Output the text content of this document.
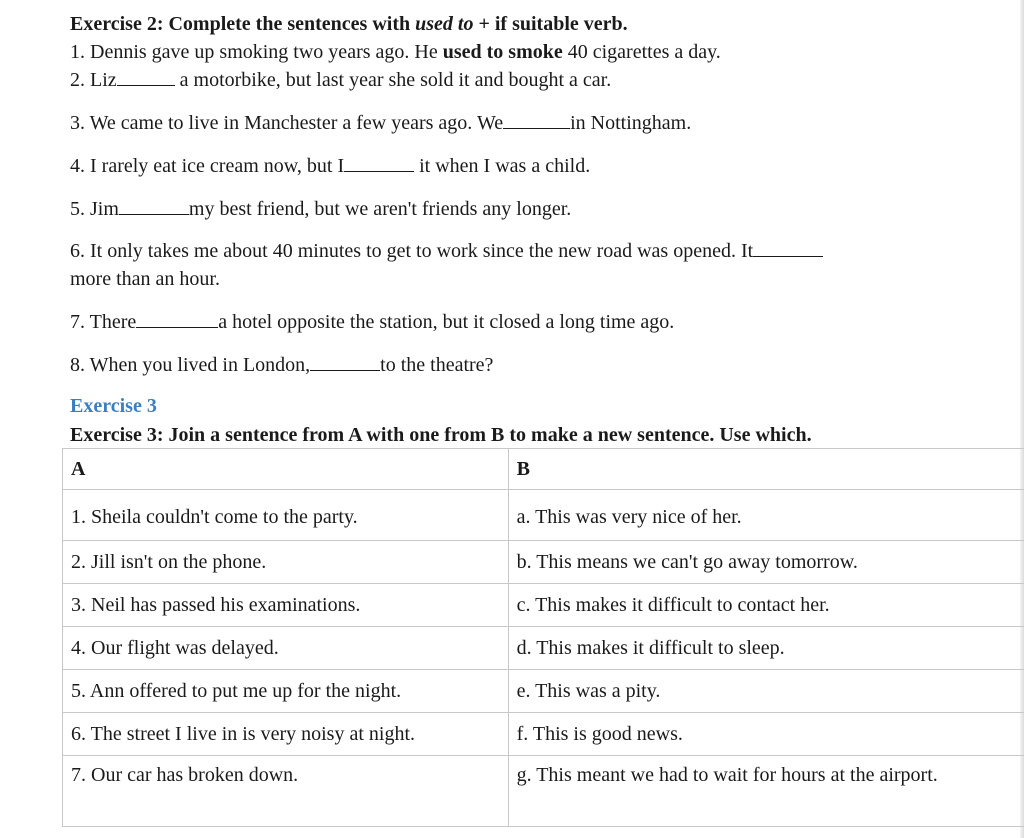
Exercise 2: Complete the sentences with used to + if suitable verb.
1. Dennis gave up smoking two years ago. He used to smoke 40 cigarettes a day.
2. Liz	a motorbike, but last year she sold it and bought a car.
3. We came to live in Manchester a few years ago. We	in Nottingham.
4. I rarely eat ice cream now, but I	it when I was a child.
5. Jim	my best friend, but we aren't friends any longer.
6. It only takes me about 40 minutes to get to work since the new road was opened. It
more than an hour.
7. There	a hotel opposite the station, but it closed a long time ago.
8. When you lived in London,	to the theatre?
Exercise 3
Exercise 3: Join a sentence from A with one from B to make a new sentence. Use which.
A	B
1. Sheila couldn't come to the party.	a. This was very nice of her.
2. Jill isn't on the phone.	b. This means we can't go away tomorrow.
3. Neil has passed his examinations.	c. This makes it difficult to contact her.
4. Our flight was delayed.	d. This makes it difficult to sleep.
5. Ann offered to put me up for the night.	e. This was a pity.
6. The street I live in is very noisy at night.	f. This is good news.
7. Our car has broken down.	g. This meant we had to wait for hours at the airport.
